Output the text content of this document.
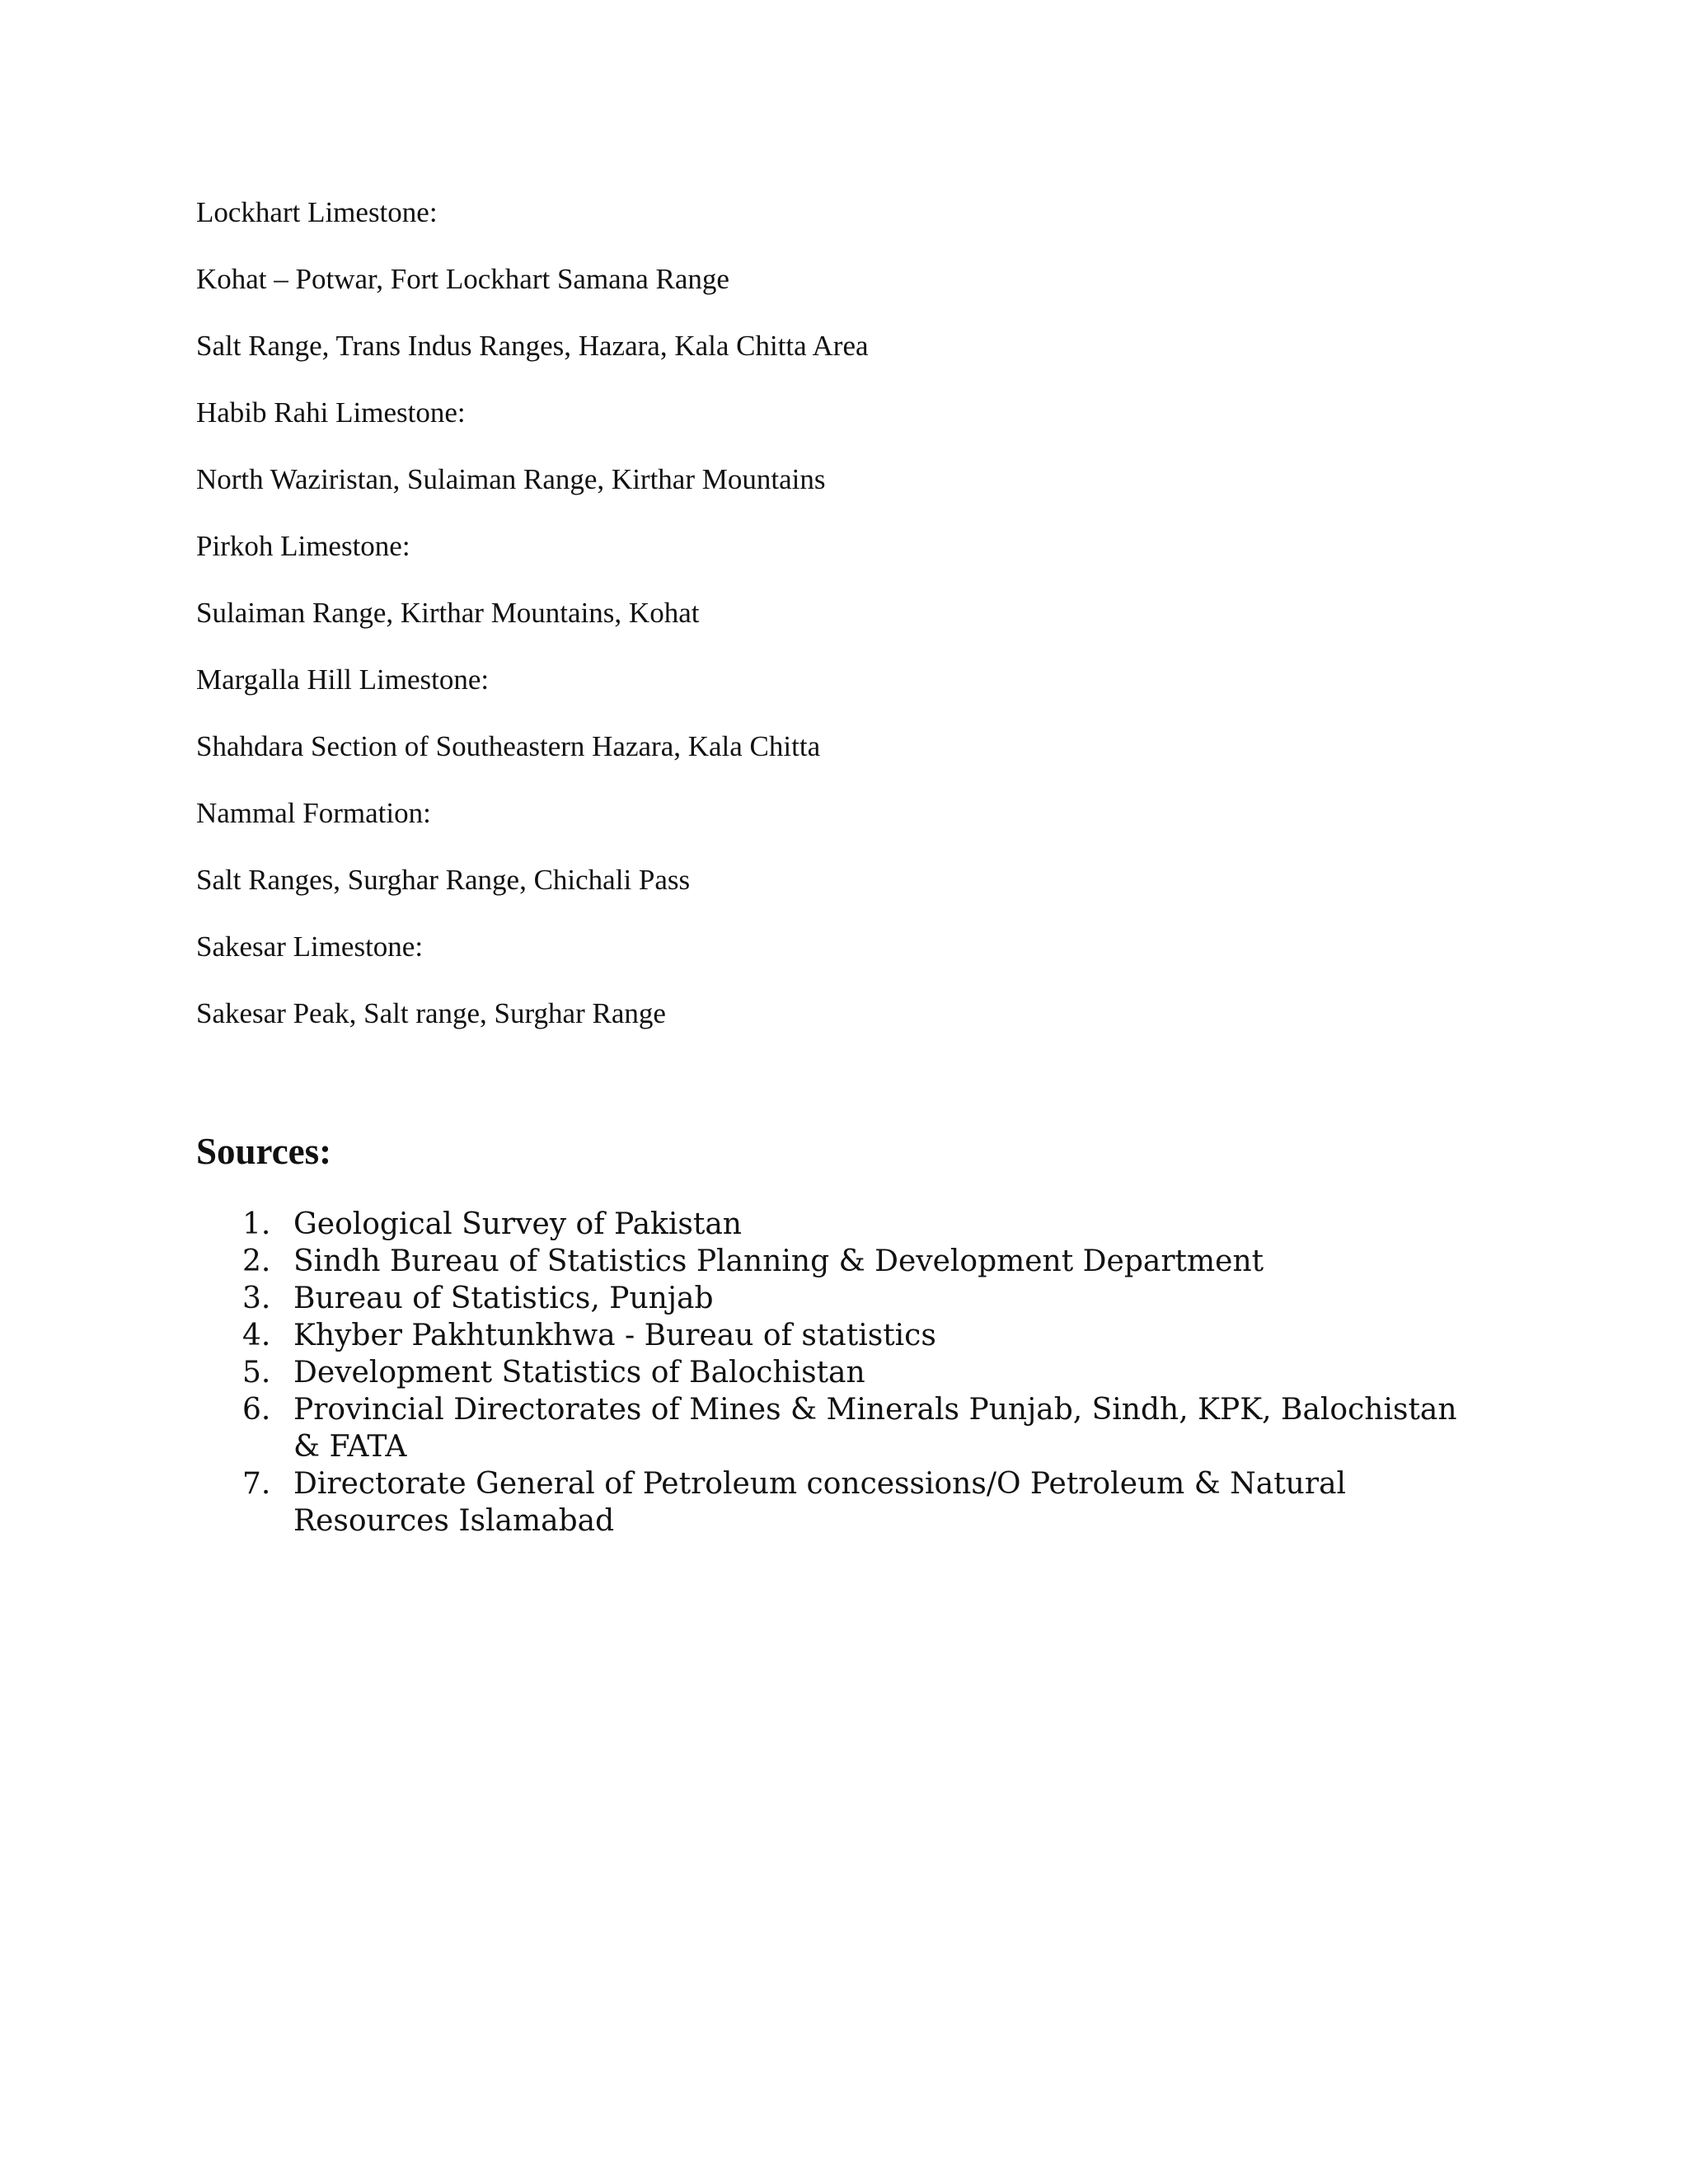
Lockhart Limestone:
Kohat – Potwar, Fort Lockhart Samana Range
Salt Range, Trans Indus Ranges, Hazara, Kala Chitta Area
Habib Rahi Limestone:
North Waziristan, Sulaiman Range, Kirthar Mountains
Pirkoh Limestone:
Sulaiman Range, Kirthar Mountains, Kohat
Margalla Hill Limestone:
Shahdara Section of Southeastern Hazara, Kala Chitta
Nammal Formation:
Salt Ranges, Surghar Range, Chichali Pass
Sakesar Limestone:
Sakesar Peak, Salt range, Surghar Range
Sources:
1. Geological Survey of Pakistan
2. Sindh Bureau of Statistics Planning & Development Department
3. Bureau of Statistics, Punjab
4. Khyber Pakhtunkhwa - Bureau of statistics
5. Development Statistics of Balochistan
6. Provincial Directorates of Mines & Minerals Punjab, Sindh, KPK, Balochistan & FATA
7. Directorate General of Petroleum concessions/O Petroleum & Natural Resources Islamabad
